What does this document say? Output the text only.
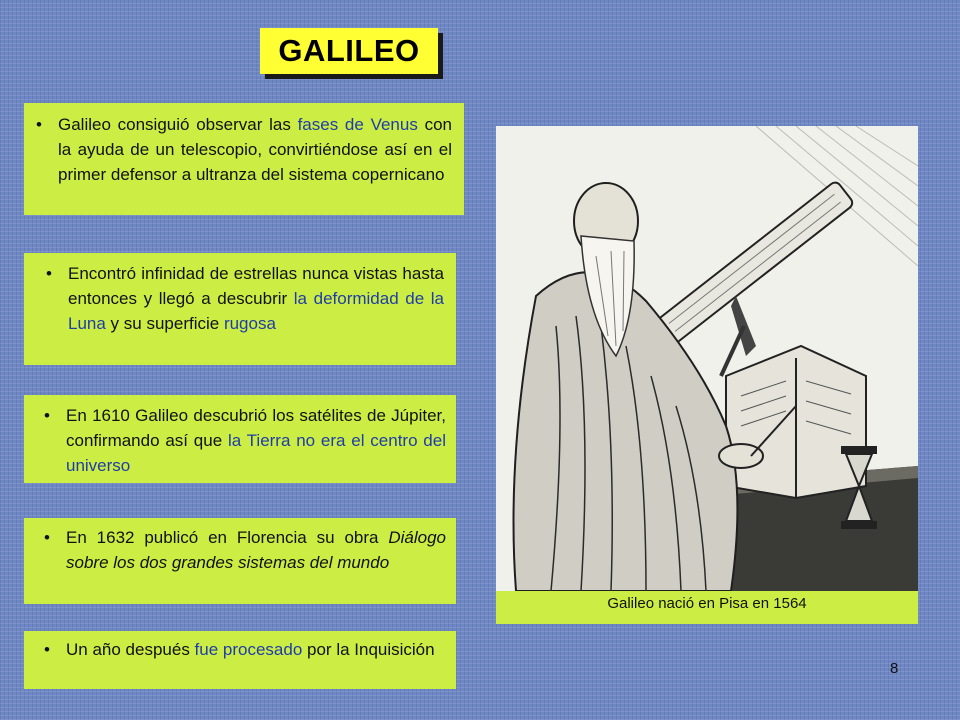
GALILEO
• Galileo consiguió observar las fases de Venus con la ayuda de un telescopio, convirtiéndose así en el primer defensor a ultranza del sistema copernicano
• Encontró infinidad de estrellas nunca vistas hasta entonces y llegó a descubrir la deformidad de la Luna y su superficie rugosa
• En 1610 Galileo descubrió los satélites de Júpiter, confirmando así que la Tierra no era el centro del universo
• En 1632 publicó en Florencia su obra Diálogo sobre los dos grandes sistemas del mundo
• Un año después fue procesado por la Inquisición
Galileo nació en Pisa en 1564
8
